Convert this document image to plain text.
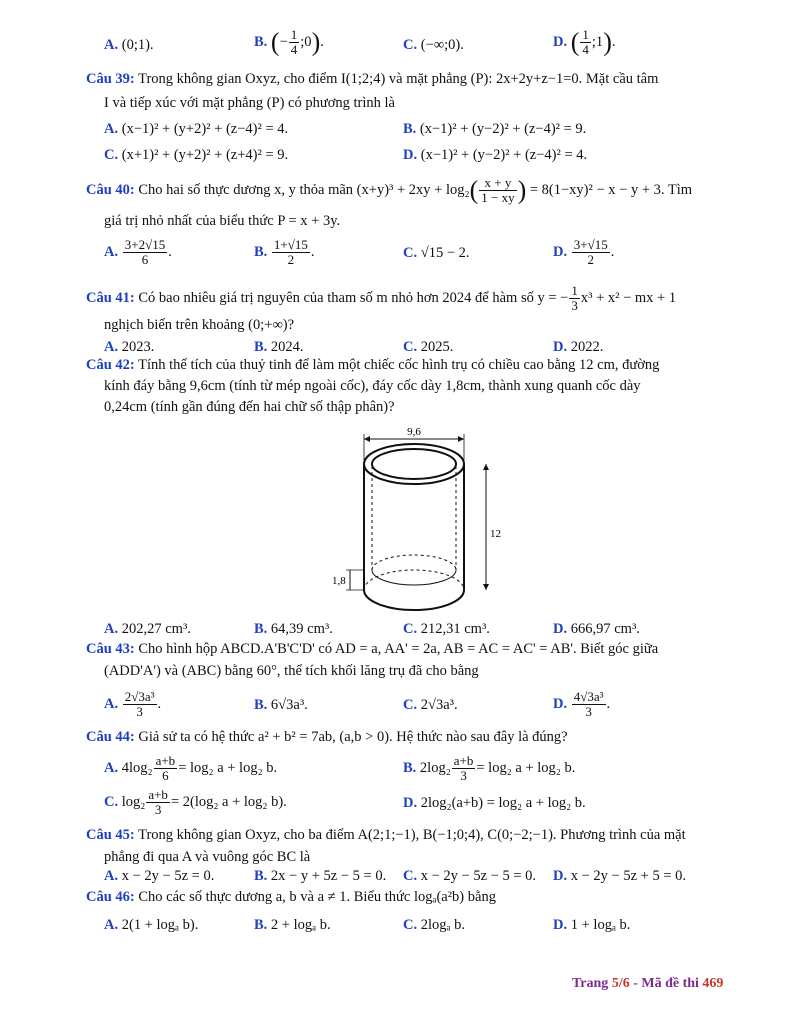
A. (0;1).	B. (− $\frac{1}{4}$ ;0).	C. (−∞;0).	D. ( $\frac{1}{4}$ ;1).
Câu 39: Trong không gian Oxyz, cho điểm I(1;2;4) và mặt phẳng (P): 2x+2y+z−1=0. Mặt cầu tâm
I và tiếp xúc với mặt phẳng (P) có phương trình là
A. (x−1)² + (y+2)² + (z−4)² = 4.	B. (x−1)² + (y−2)² + (z−4)² = 9.
C. (x+1)² + (y+2)² + (z+4)² = 9.	D. (x−1)² + (y−2)² + (z−4)² = 4.
Câu 40: Cho hai số thực dương x, y thỏa mãn $(x+y)^3 + 2xy + \log_2( \frac{x + y}{1 - xy}$ ) = 8(1−xy)² − x − y + 3. Tìm
giá trị nhỏ nhất của biểu thức P = x + 3y.
A. $\frac{3+2√15}{6}$ .	B. $\frac{1+√15}{2}$ .	C. √15 − 2.	D. $\frac{3+√15}{2}$ .
Câu 41: Có bao nhiêu giá trị nguyên của tham số m nhỏ hơn 2024 để hàm số y = − $\frac{1}{3} x^3 + x^2$ − mx + 1
nghịch biến trên khoảng (0;+∞)?
A. 2023.	B. 2024.	C. 2025.	D. 2022.
Câu 42: Tính thể tích của thuỷ tinh để làm một chiếc cốc hình trụ có chiều cao bằng 12 cm, đường
kính đáy bằng 9,6cm (tính từ mép ngoài cốc), đáy cốc dày 1,8cm, thành xung quanh cốc dày
0,24cm (tính gần đúng đến hai chữ số thập phân)?
9,6
12
1,8
A. 202,27 cm³.	B. 64,39 cm³.	C. 212,31 cm³.	D. 666,97 cm³.
Câu 43: Cho hình hộp ABCD.A'B'C'D' có AD = a, AA' = 2a, AB = AC = AC' = AB'. Biết góc giữa
(ADD'A') và (ABC) bằng 60°, thể tích khối lăng trụ đã cho bằng
A. $\frac{\text{2√3a³}}{3}$ .	B. 6√3a³.	C. 2√3a³.	D. $\frac{\text{4√3a³}}{3}$ .
Câu 44: Giả sử ta có hệ thức a² + b² = 7ab, (a,b > 0). Hệ thức nào sau đây là đúng?
A. $4\log_2 \frac{a+b}{6} = \log_2$ a + log₂ b.	B. $2\log_2 \frac{a+b}{3} = \log_2$ a + log₂ b.
C. $\log_2 \frac{a+b}{3} = 2(\log_2$ a + log₂ b).	D. 2log₂(a+b) = log₂ a + log₂ b.
Câu 45: Trong không gian Oxyz, cho ba điểm A(2;1;−1), B(−1;0;4), C(0;−2;−1). Phương trình của mặt
phẳng đi qua A và vuông góc BC là
A. x − 2y − 5z = 0.	B. 2x − y + 5z − 5 = 0. C. x − 2y − 5z − 5 = 0. D. x − 2y − 5z + 5 = 0.
Câu 46: Cho các số thực dương a, b và a ≠ 1. Biểu thức logₐ(a²b) bằng
A. 2(1 + logₐ b).	B. 2 + logₐ b.	C. 2logₐ b.	D. 1 + logₐ b.
Trang 5/6 - Mã đề thi 469
